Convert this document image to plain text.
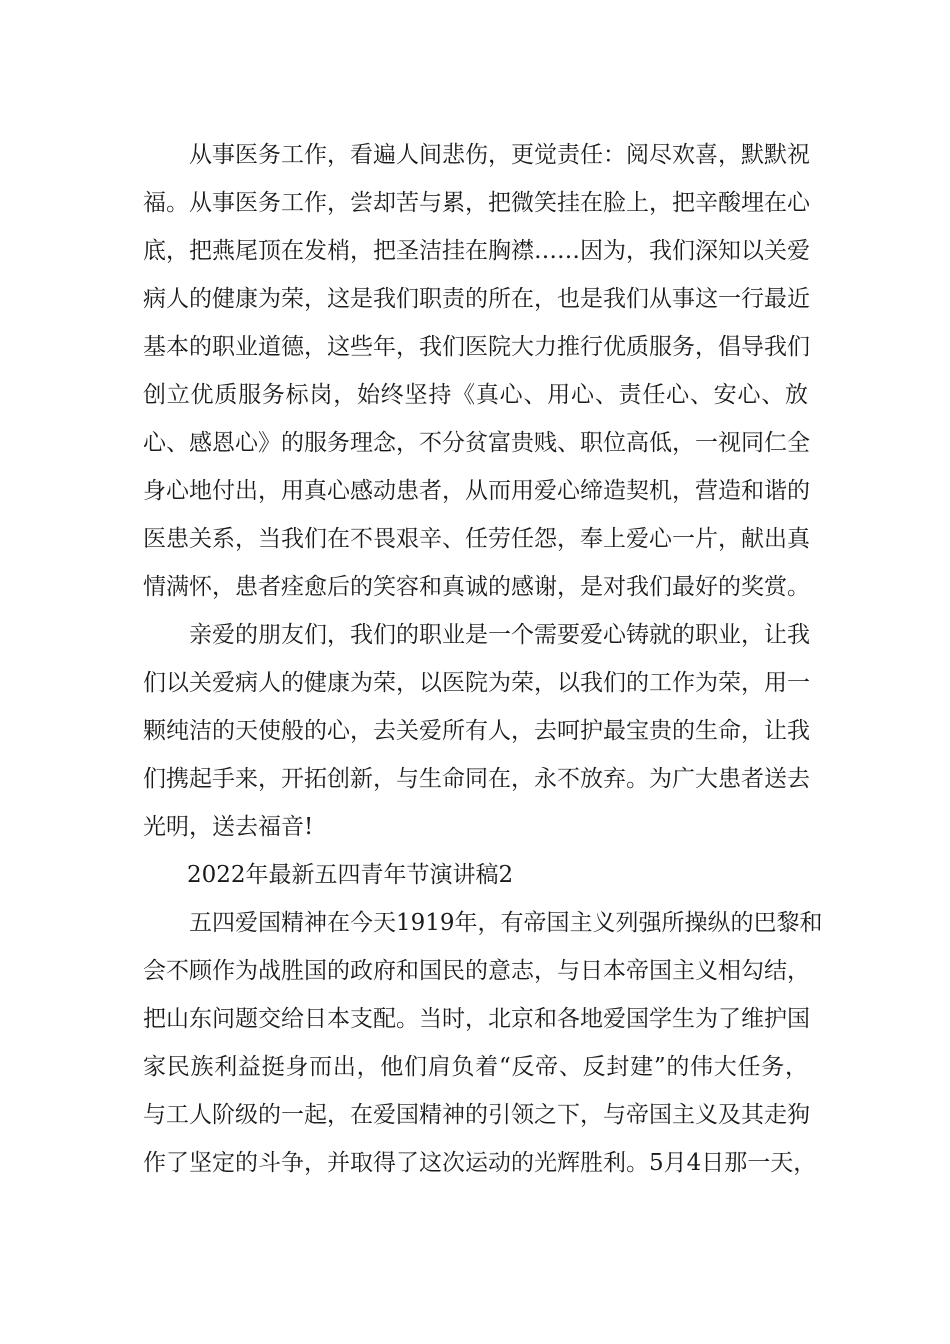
从事医务工作，看遍人间悲伤，更觉责任：阅尽欢喜，默默祝
福。从事医务工作，尝却苦与累，把微笑挂在脸上，把辛酸埋在心
底，把燕尾顶在发梢，把圣洁挂在胸襟……因为，我们深知以关爱
病人的健康为荣，这是我们职责的所在，也是我们从事这一行最近
基本的职业道德，这些年，我们医院大力推行优质服务，倡导我们
创立优质服务标岗，始终坚持《真心、用心、责任心、安心、放
心、感恩心》的服务理念，不分贫富贵贱、职位高低，一视同仁全
身心地付出，用真心感动患者，从而用爱心缔造契机，营造和谐的
医患关系，当我们在不畏艰辛、任劳任怨，奉上爱心一片，献出真
情满怀，患者痊愈后的笑容和真诚的感谢，是对我们最好的奖赏。
亲爱的朋友们，我们的职业是一个需要爱心铸就的职业，让我
们以关爱病人的健康为荣，以医院为荣，以我们的工作为荣，用一
颗纯洁的天使般的心，去关爱所有人，去呵护最宝贵的生命，让我
们携起手来，开拓创新，与生命同在，永不放弃。为广大患者送去
光明，送去福音!
2022年最新五四青年节演讲稿2
五四爱国精神在今天1919年，有帝国主义列强所操纵的巴黎和
会不顾作为战胜国的政府和国民的意志，与日本帝国主义相勾结，
把山东问题交给日本支配。当时，北京和各地爱国学生为了维护国
家民族利益挺身而出，他们肩负着“反帝、反封建”的伟大任务，
与工人阶级的一起，在爱国精神的引领之下，与帝国主义及其走狗
作了坚定的斗争，并取得了这次运动的光辉胜利。5月4日那一天，
